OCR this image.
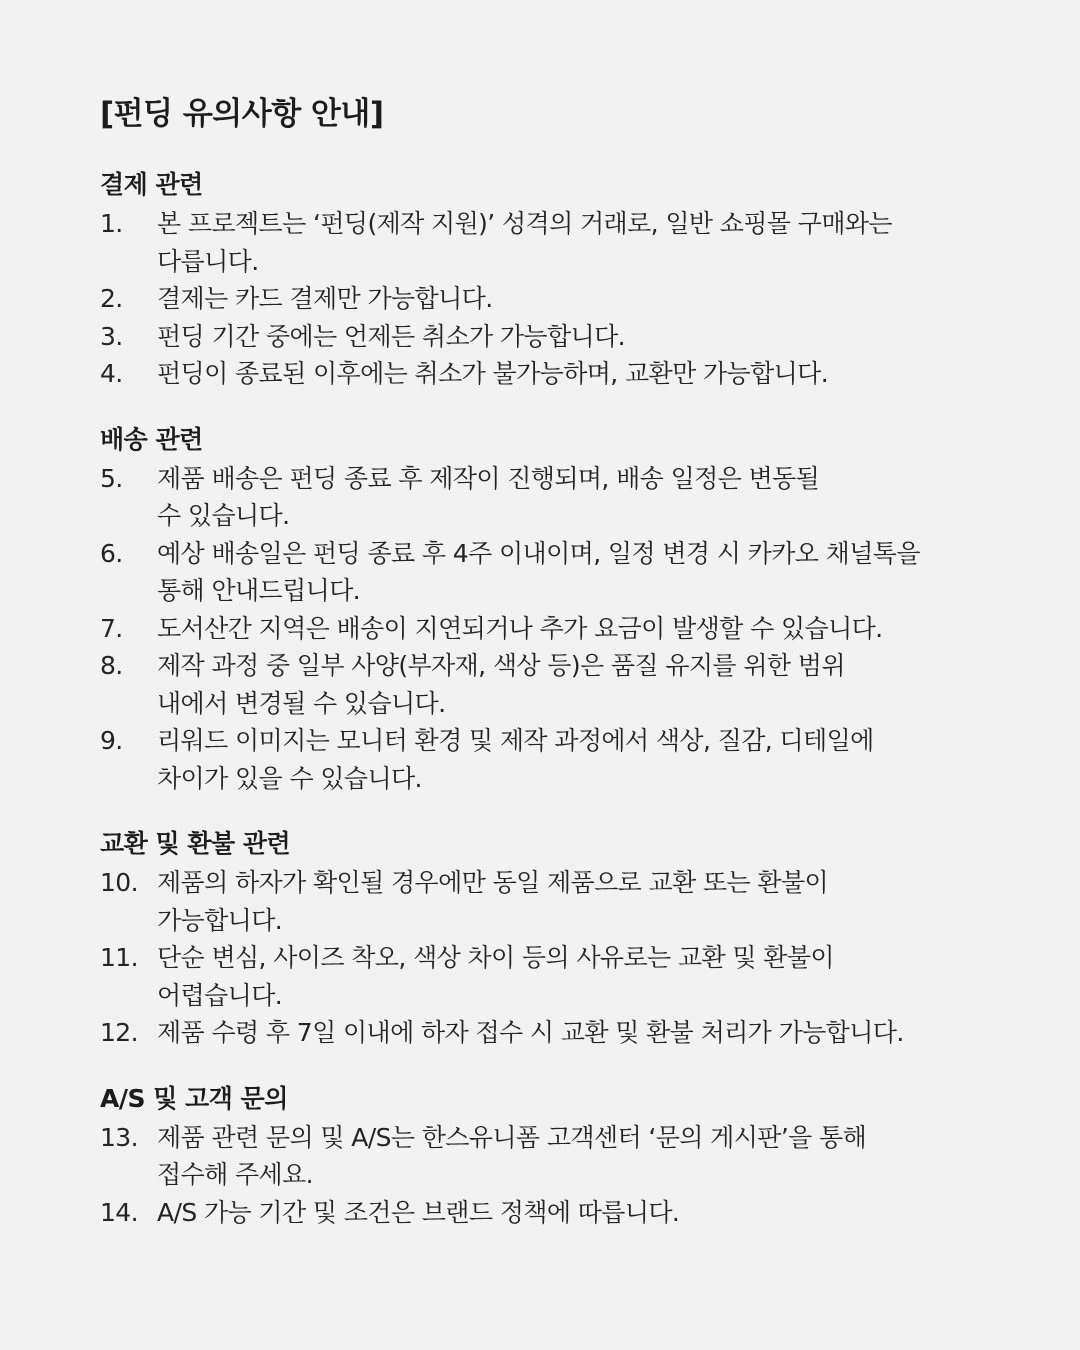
[펀딩 유의사항 안내]
결제 관련
1.	본 프로젝트는 ‘펀딩(제작 지원)’ 성격의 거래로, 일반 쇼핑몰 구매와는
다릅니다.
2.	결제는 카드 결제만 가능합니다.
3.	펀딩 기간 중에는 언제든 취소가 가능합니다.
4.	펀딩이 종료된 이후에는 취소가 불가능하며, 교환만 가능합니다.
배송 관련
5.	제품 배송은 펀딩 종료 후 제작이 진행되며, 배송 일정은 변동될
수 있습니다.
6.	예상 배송일은 펀딩 종료 후 4주 이내이며, 일정 변경 시 카카오 채널톡을
통해 안내드립니다.
7.	도서산간 지역은 배송이 지연되거나 추가 요금이 발생할 수 있습니다.
8.	제작 과정 중 일부 사양(부자재, 색상 등)은 품질 유지를 위한 범위
내에서 변경될 수 있습니다.
9.	리워드 이미지는 모니터 환경 및 제작 과정에서 색상, 질감, 디테일에
차이가 있을 수 있습니다.
교환 및 환불 관련
10. 제품의 하자가 확인될 경우에만 동일 제품으로 교환 또는 환불이
가능합니다.
11. 단순 변심, 사이즈 착오, 색상 차이 등의 사유로는 교환 및 환불이
어렵습니다.
12. 제품 수령 후 7일 이내에 하자 접수 시 교환 및 환불 처리가 가능합니다.
A/S 및 고객 문의
13. 제품 관련 문의 및 A/S는 한스유니폼 고객센터 ‘문의 게시판’을 통해
접수해 주세요.
14. A/S 가능 기간 및 조건은 브랜드 정책에 따릅니다.
